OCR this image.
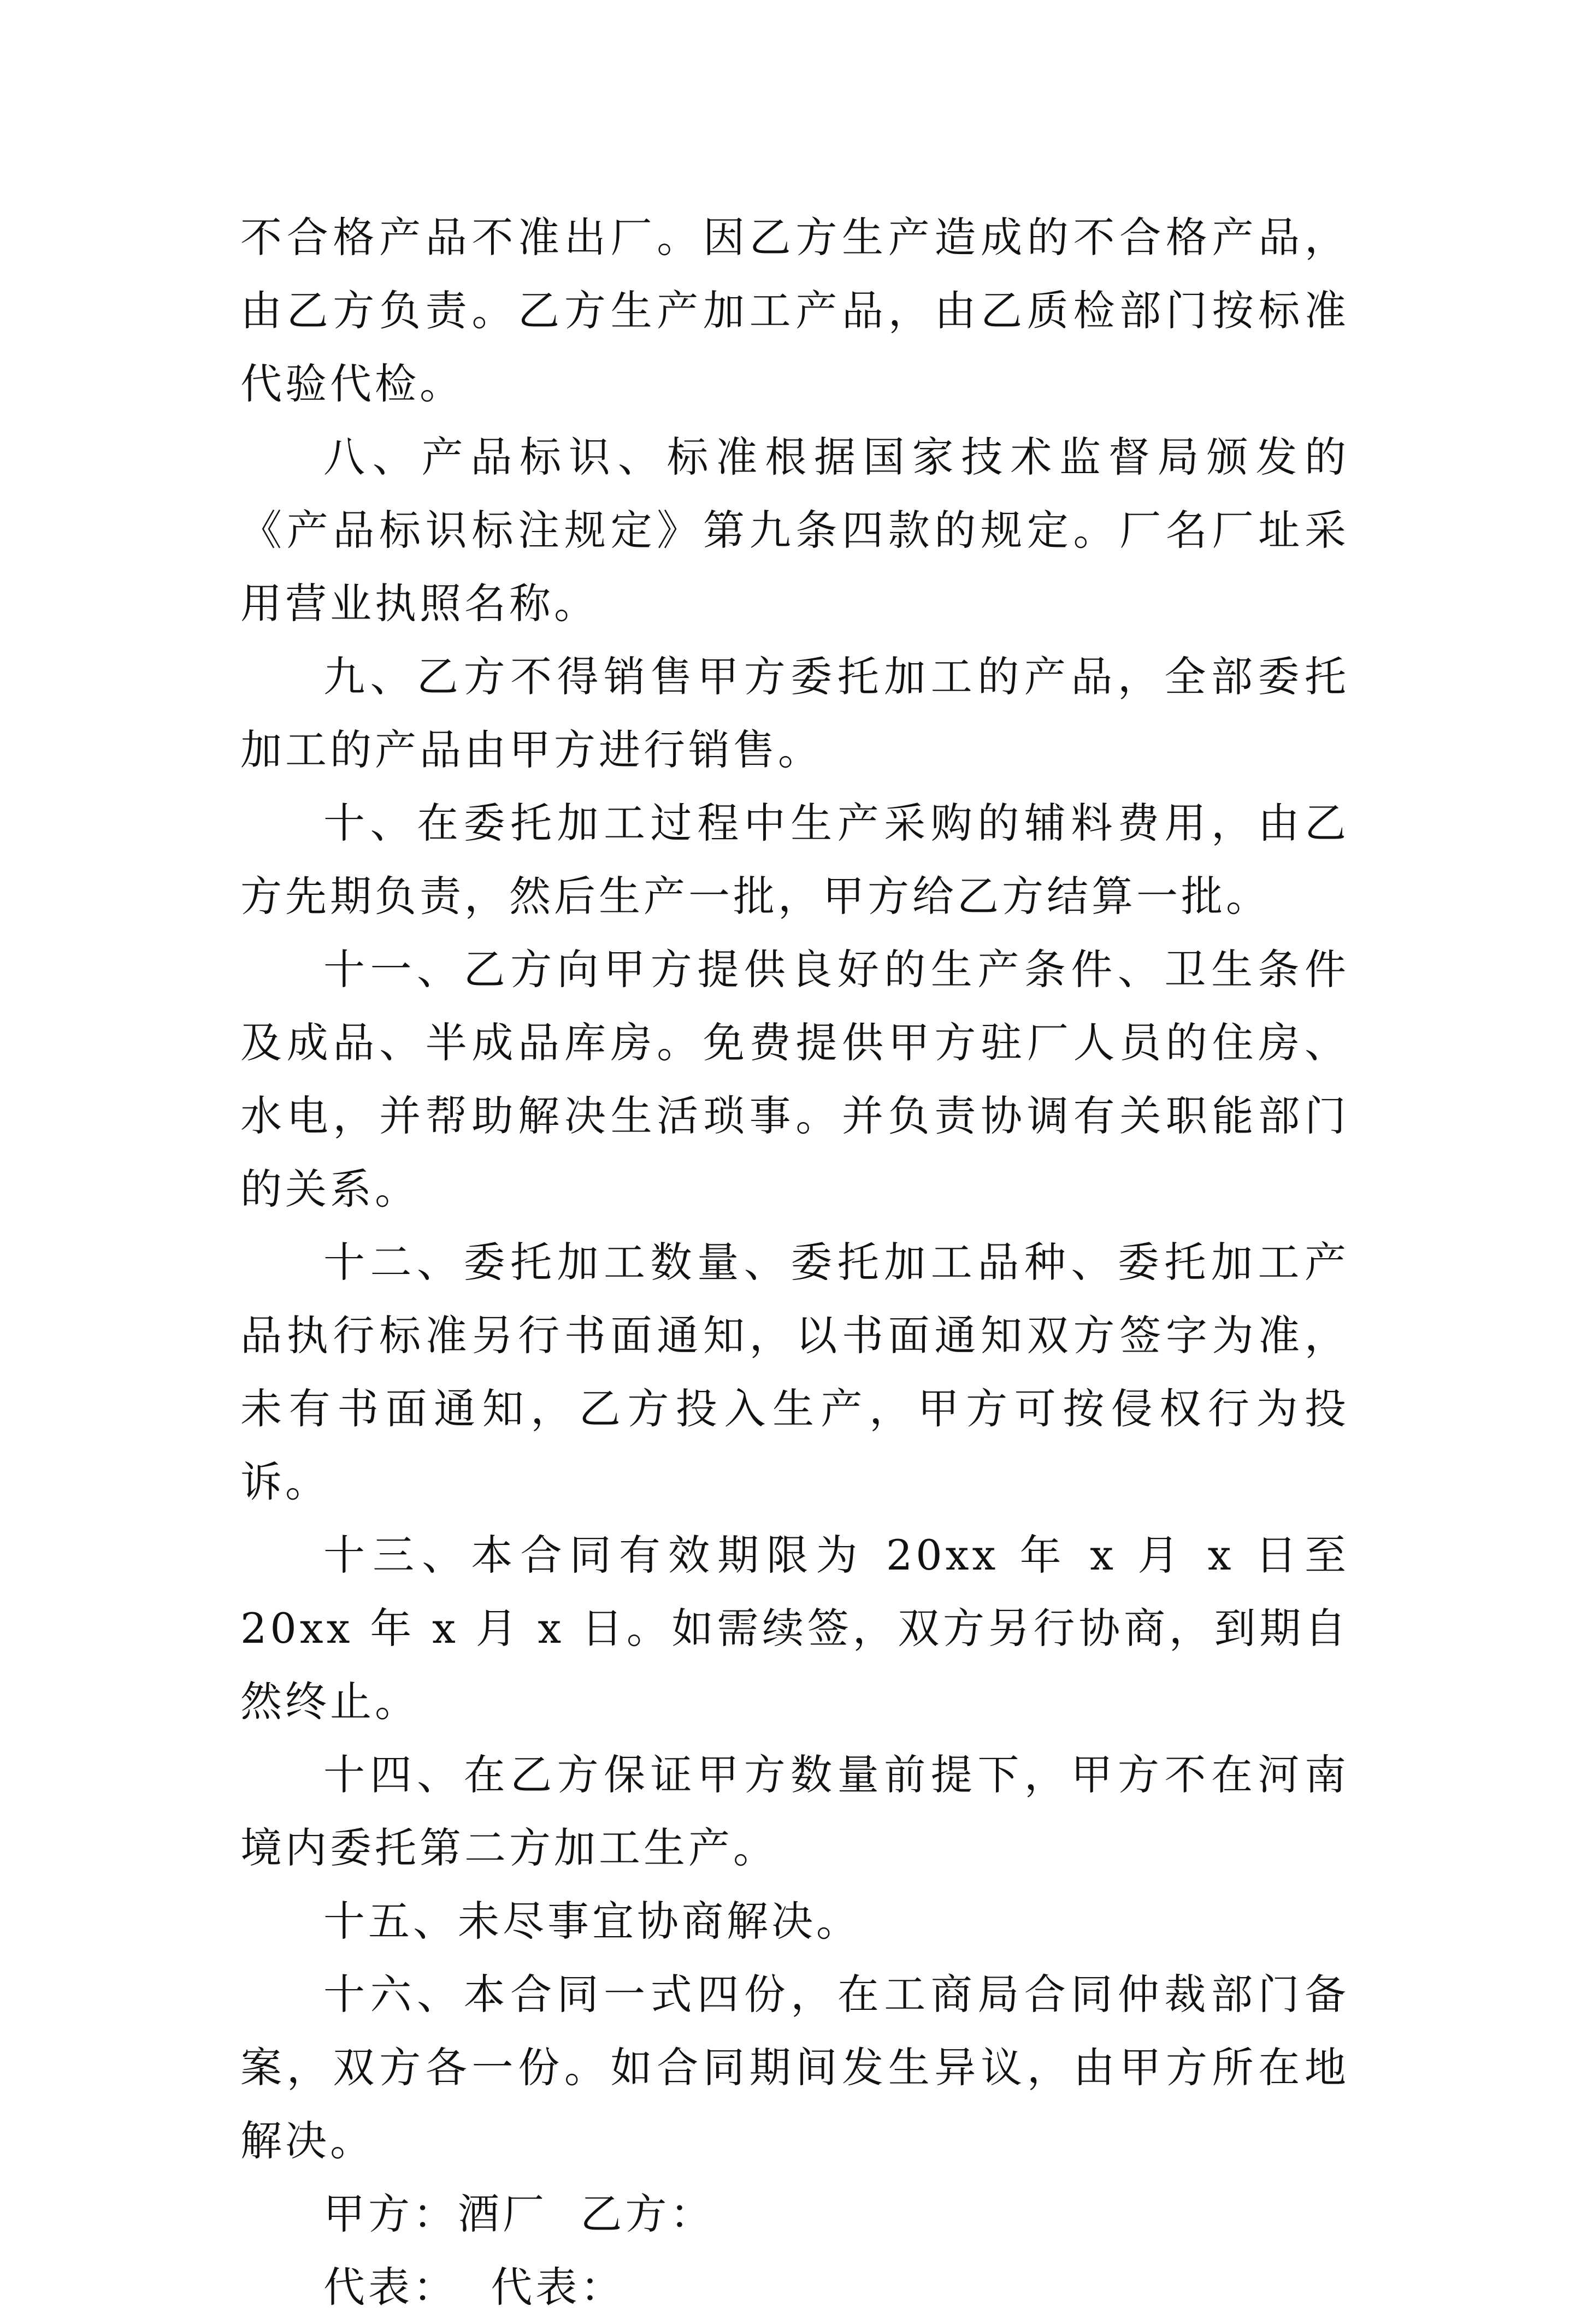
不合格产品不准出厂。因乙方生产造成的不合格产品，由乙方负责。乙方生产加工产品，由乙质检部门按标准代验代检。

八、产品标识、标准根据国家技术监督局颁发的《产品标识标注规定》第九条四款的规定。厂名厂址采用营业执照名称。

九、乙方不得销售甲方委托加工的产品，全部委托加工的产品由甲方进行销售。

十、在委托加工过程中生产采购的辅料费用，由乙方先期负责，然后生产一批，甲方给乙方结算一批。

十一、乙方向甲方提供良好的生产条件、卫生条件及成品、半成品库房。免费提供甲方驻厂人员的住房、水电，并帮助解决生活琐事。并负责协调有关职能部门的关系。

十二、委托加工数量、委托加工品种、委托加工产品执行标准另行书面通知，以书面通知双方签字为准，未有书面通知，乙方投入生产，甲方可按侵权行为投诉。

十三、本合同有效期限为 20xx 年 x 月 x 日至 20xx 年 x 月 x 日。如需续签，双方另行协商，到期自然终止。

十四、在乙方保证甲方数量前提下，甲方不在河南境内委托第二方加工生产。

十五、未尽事宜协商解决。

十六、本合同一式四份，在工商局合同仲裁部门备案，双方各一份。如合同期间发生异议，由甲方所在地解决。

甲方：酒厂  乙方：

代表：  代表：
